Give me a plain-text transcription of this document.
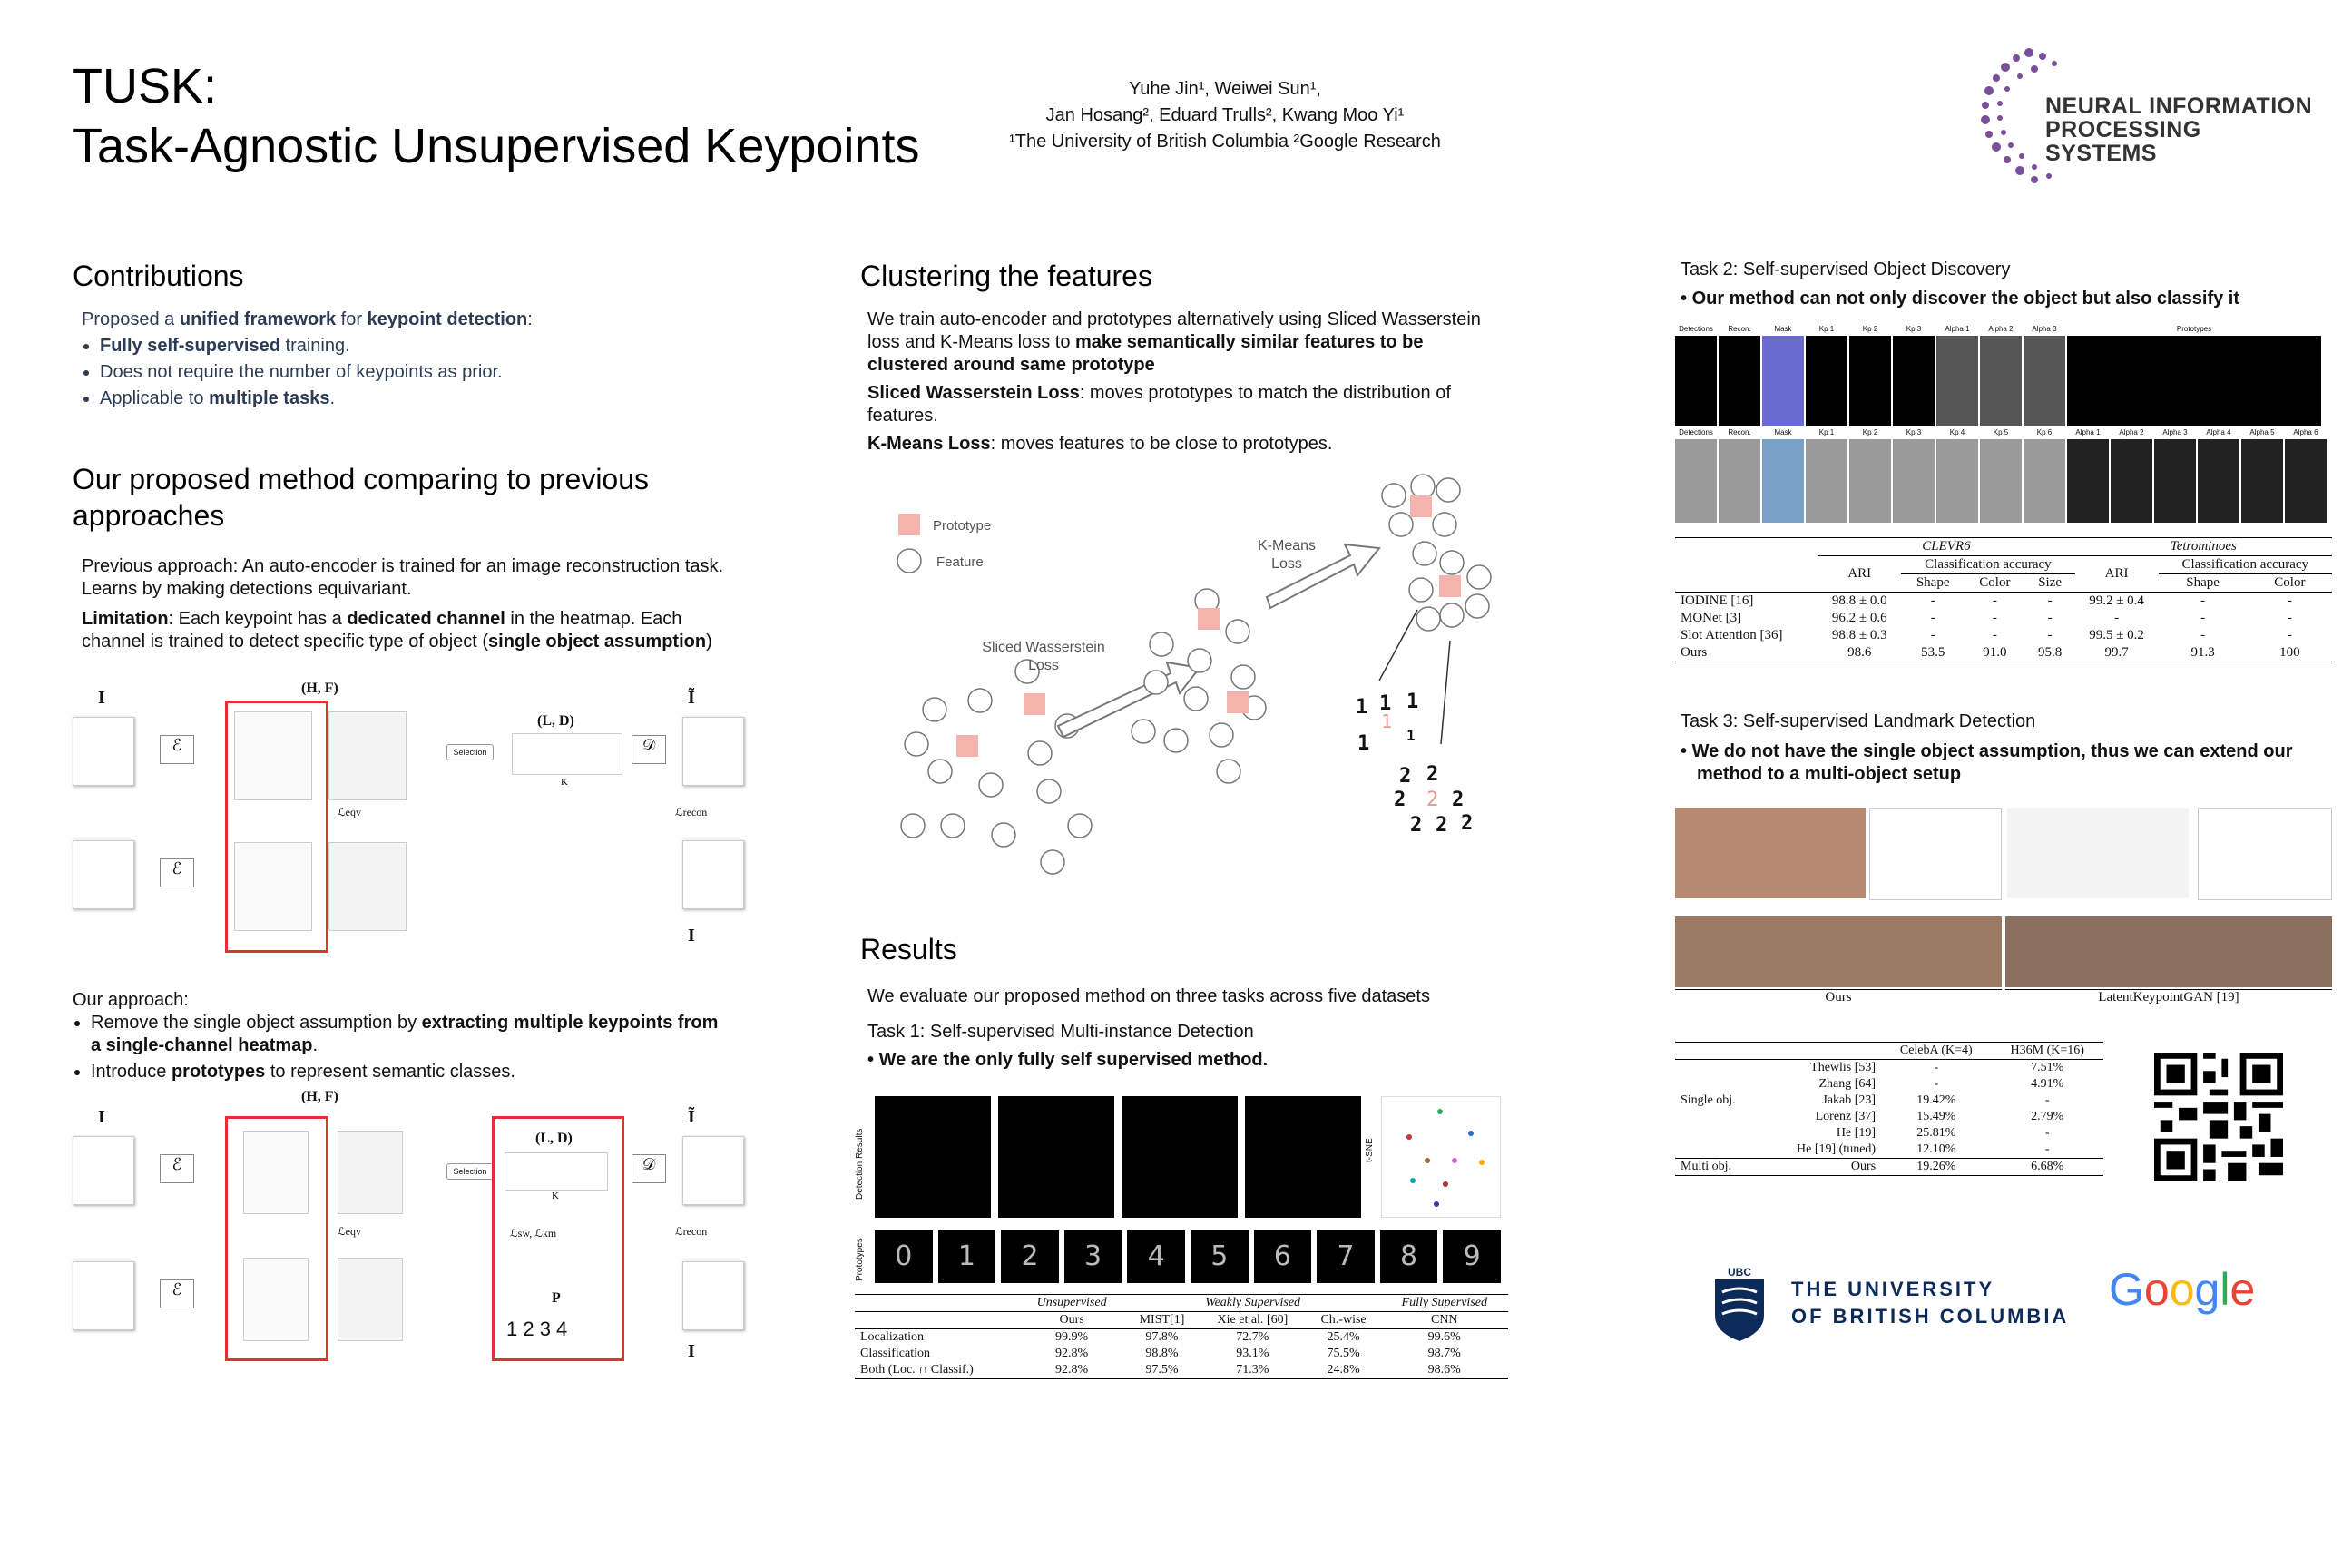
TUSK:
Task-Agnostic Unsupervised Keypoints
Yuhe Jin¹, Weiwei Sun¹,
Jan Hosang², Eduard Trulls², Kwang Moo Yi¹
¹The University of British Columbia ²Google Research
NEURAL INFORMATION
PROCESSING SYSTEMS
Contributions
Proposed a unified framework for keypoint detection:
• Fully self-supervised training.
• Does not require the number of keypoints as prior.
• Applicable to multiple tasks.
Our proposed method comparing to previous
approaches
Previous approach: An auto-encoder is trained for an image reconstruction task. Learns by making detections equivariant.
Limitation: Each keypoint has a dedicated channel in the heatmap. Each channel is trained to detect specific type of object (single object assumption)
I	(H, F)
(L, D)
Ĩ
ℰ	Selection
K
𝒟
ℒeqv	ℒrecon
ℰ
I
Our approach:
• Remove the single object assumption by extracting multiple keypoints from a single-channel heatmap.
• Introduce prototypes to represent semantic classes.
I
(H, F)
Ĩ
ℰ	Selection
(L, D)
K
ℒsw, ℒkm
P
1 2 3 4
𝒟
ℒeqv	ℒrecon
ℰ
I
Clustering the features
We train auto-encoder and prototypes alternatively using Sliced Wasserstein loss and K-Means loss to make semantically similar features to be clustered around same prototype
Sliced Wasserstein Loss: moves prototypes to match the distribution of features.
K-Means Loss: moves features to be close to prototypes.
Prototype
Feature
Sliced Wasserstein
Loss
K-Means
Loss
1 1 1
1	1
1
2 2
2 2
2 2 2
2
Results
We evaluate our proposed method on three tasks across five datasets
Task 1: Self-supervised Multi-instance Detection
• We are the only fully self supervised method.
Detection Results	t-SNE
Prototypes	0	1	2	3	4	5	6	7	8	9
	Unsupervised	Weakly Supervised			Fully Supervised
	Ours	MIST[1]	Xie et al. [60]	Ch.-wise	CNN
Localization	99.9%	97.8%	72.7%	25.4%	99.6%
Classification	92.8%	98.8%	93.1%	75.5%	98.7%
Both (Loc. ∩ Classif.)	92.8%	97.5%	71.3%	24.8%	98.6%
Task 2: Self-supervised Object Discovery
• Our method can not only discover the object but also classify it
Detections	Recon.	Mask	Kp 1	Kp 2	Kp 3	Alpha 1	Alpha 2	Alpha 3	Prototypes
Detections	Recon.	Mask	Kp 1	Kp 2	Kp 3	Kp 4	Kp 5	Kp 6	Alpha 1	Alpha 2	Alpha 3	Alpha 4	Alpha 5	Alpha 6
	CLEVR6				Tetrominoes		
	ARI	Classification accuracy			ARI	Classification accuracy	
		Shape	Color	Size		Shape	Color
IODINE [16]	98.8 ± 0.0	-	-	-	99.2 ± 0.4	-	-
MONet [3]	96.2 ± 0.6	-	-	-	-	-	-
Slot Attention [36]	98.8 ± 0.3	-	-	-	99.5 ± 0.2	-	-
Ours	98.6	53.5	91.0	95.8	99.7	91.3	100
Task 3: Self-supervised Landmark Detection
• We do not have the single object assumption, thus we can extend our method to a multi-object setup
Ours	LatentKeypointGAN [19]
		CelebA (K=4)	H36M (K=16)
	Thewlis [53]	-	7.51%
	Zhang [64]	-	4.91%
Single obj.	Jakab [23]	19.42%	-
	Lorenz [37]	15.49%	2.79%
	He [19]	25.81%	-
	He [19] (tuned)	12.10%	-
Multi obj.	Ours	19.26%	6.68%
UBC
THE UNIVERSITY
OF BRITISH COLUMBIA
Google
